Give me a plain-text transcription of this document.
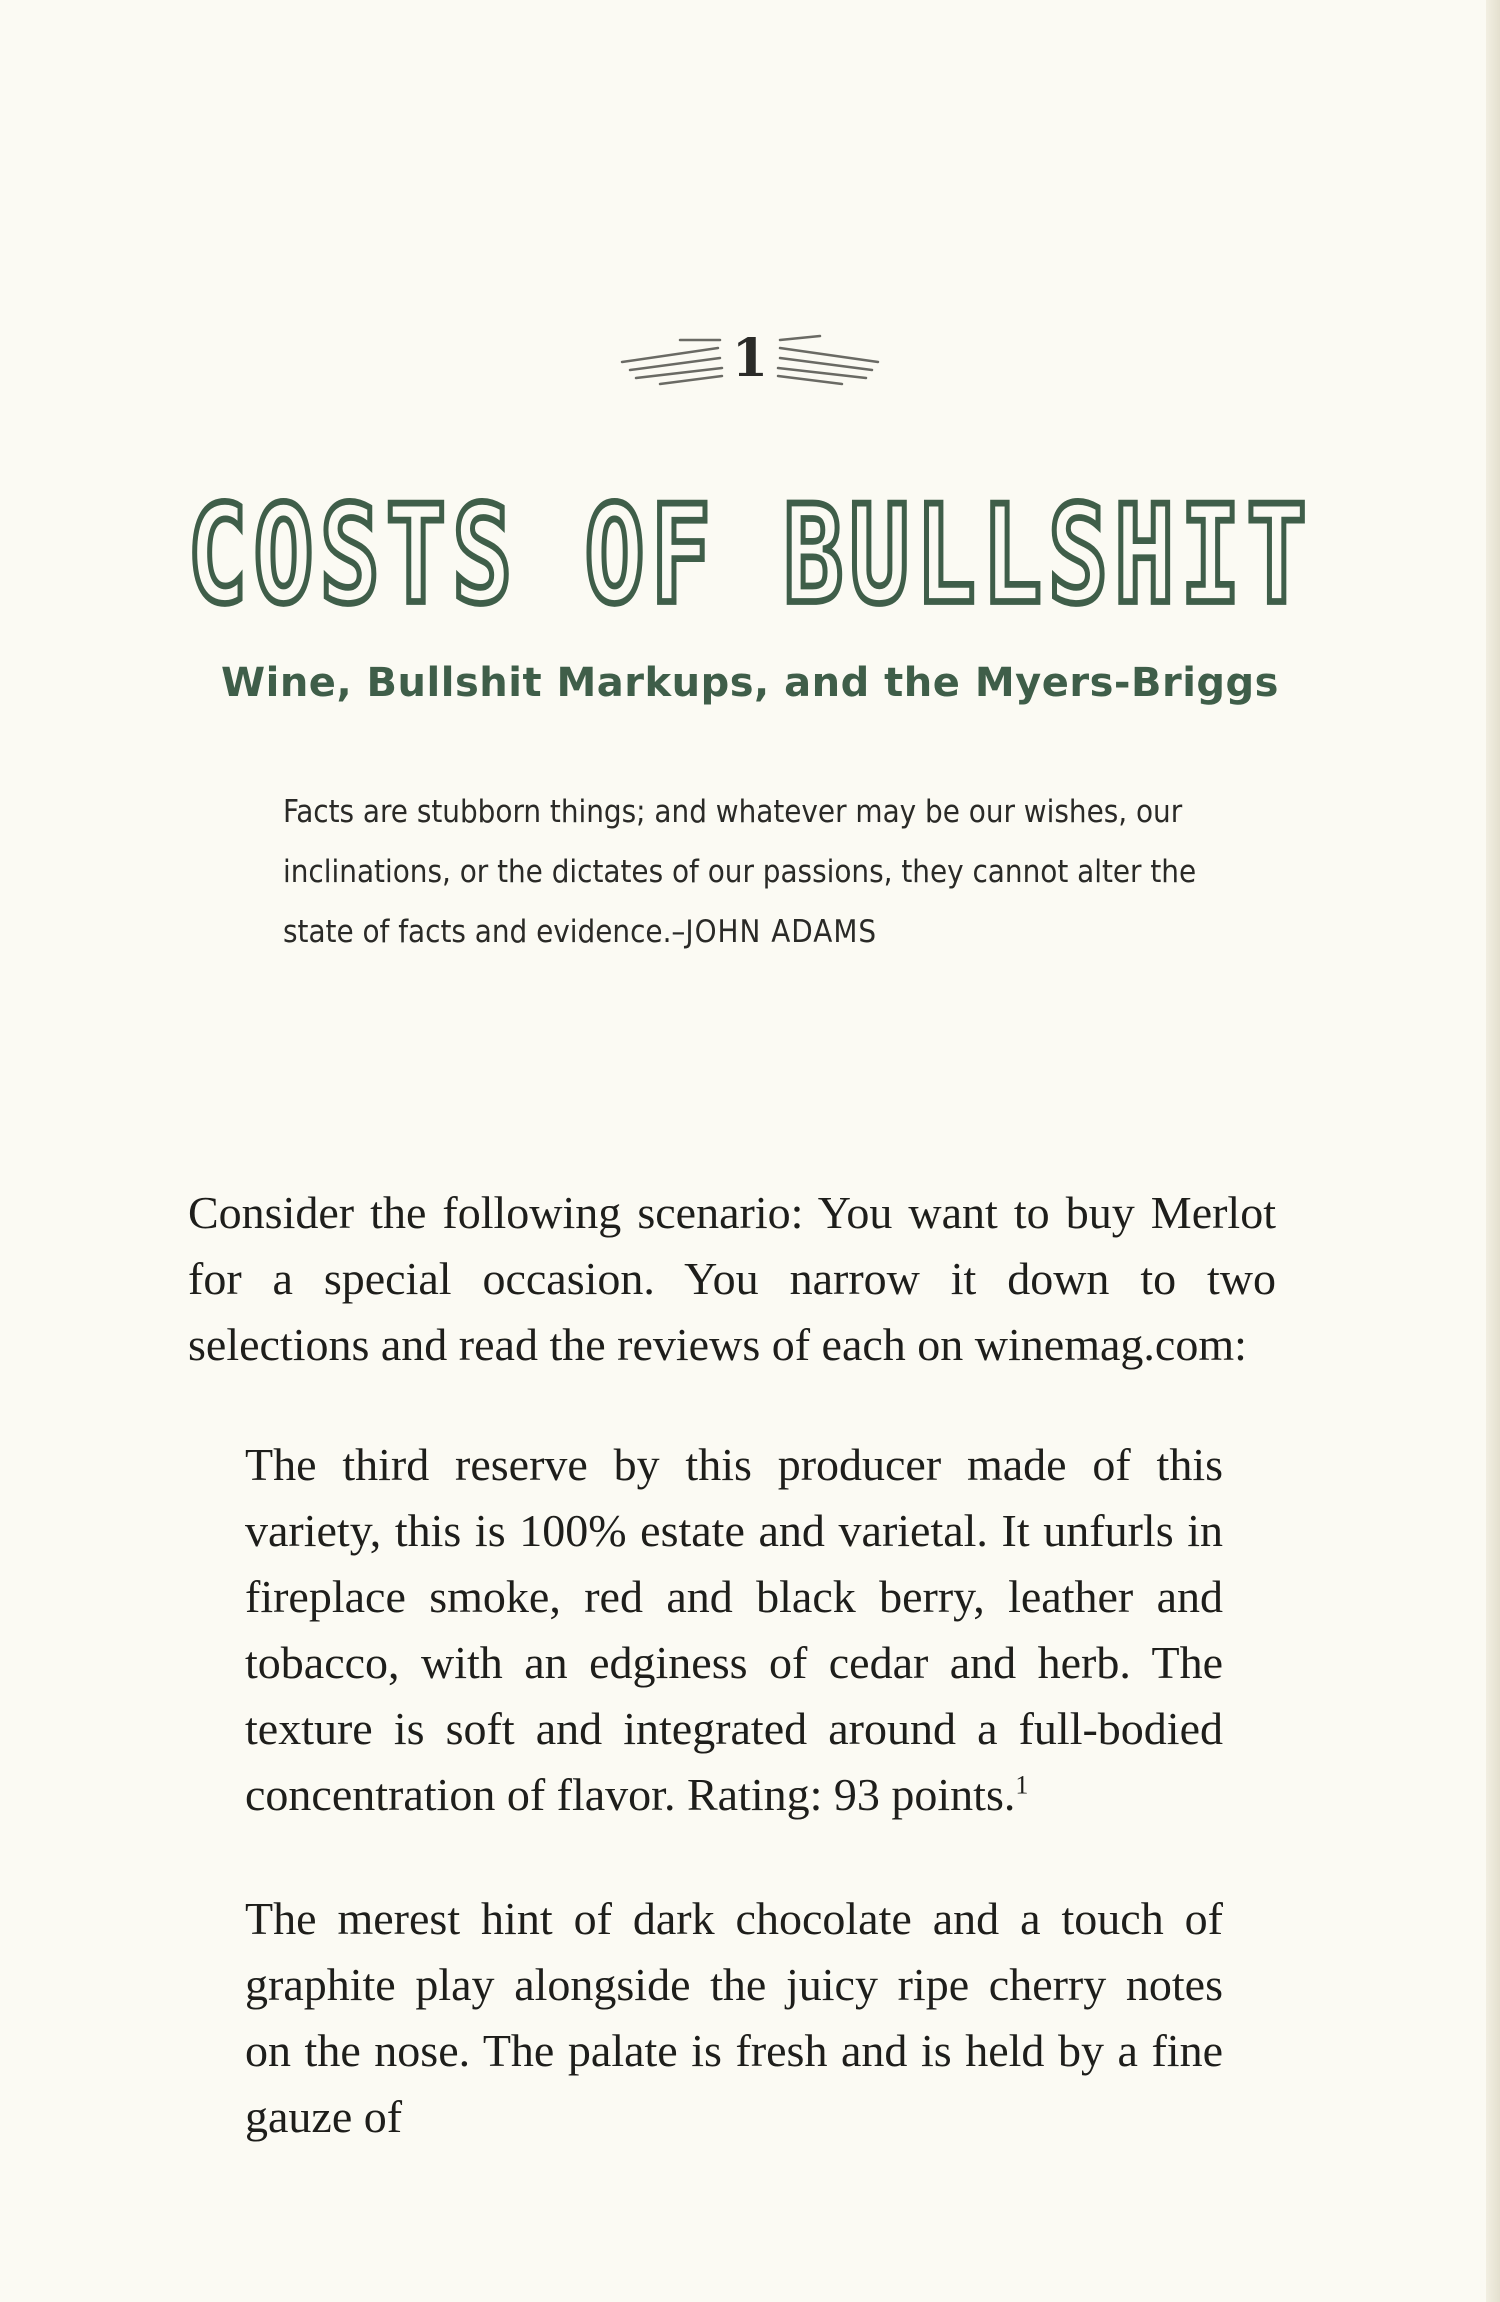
1
COSTS OF BULLSHIT
Wine, Bullshit Markups, and the Myers-Briggs

Facts are stubborn things; and whatever may be our wishes, our inclinations, or the dictates of our passions, they cannot alter the state of facts and evidence.–JOHN ADAMS

Consider the following scenario: You want to buy Merlot for a special occasion. You narrow it down to two selections and read the reviews of each on winemag.com:

The third reserve by this producer made of this variety, this is 100% estate and varietal. It unfurls in fireplace smoke, red and black berry, leather and tobacco, with an edginess of cedar and herb. The texture is soft and integrated around a full-bodied concentration of flavor. Rating: 93 points.$^1$

The merest hint of dark chocolate and a touch of graphite play alongside the juicy ripe cherry notes on the nose. The palate is fresh and is held by a fine gauze of
